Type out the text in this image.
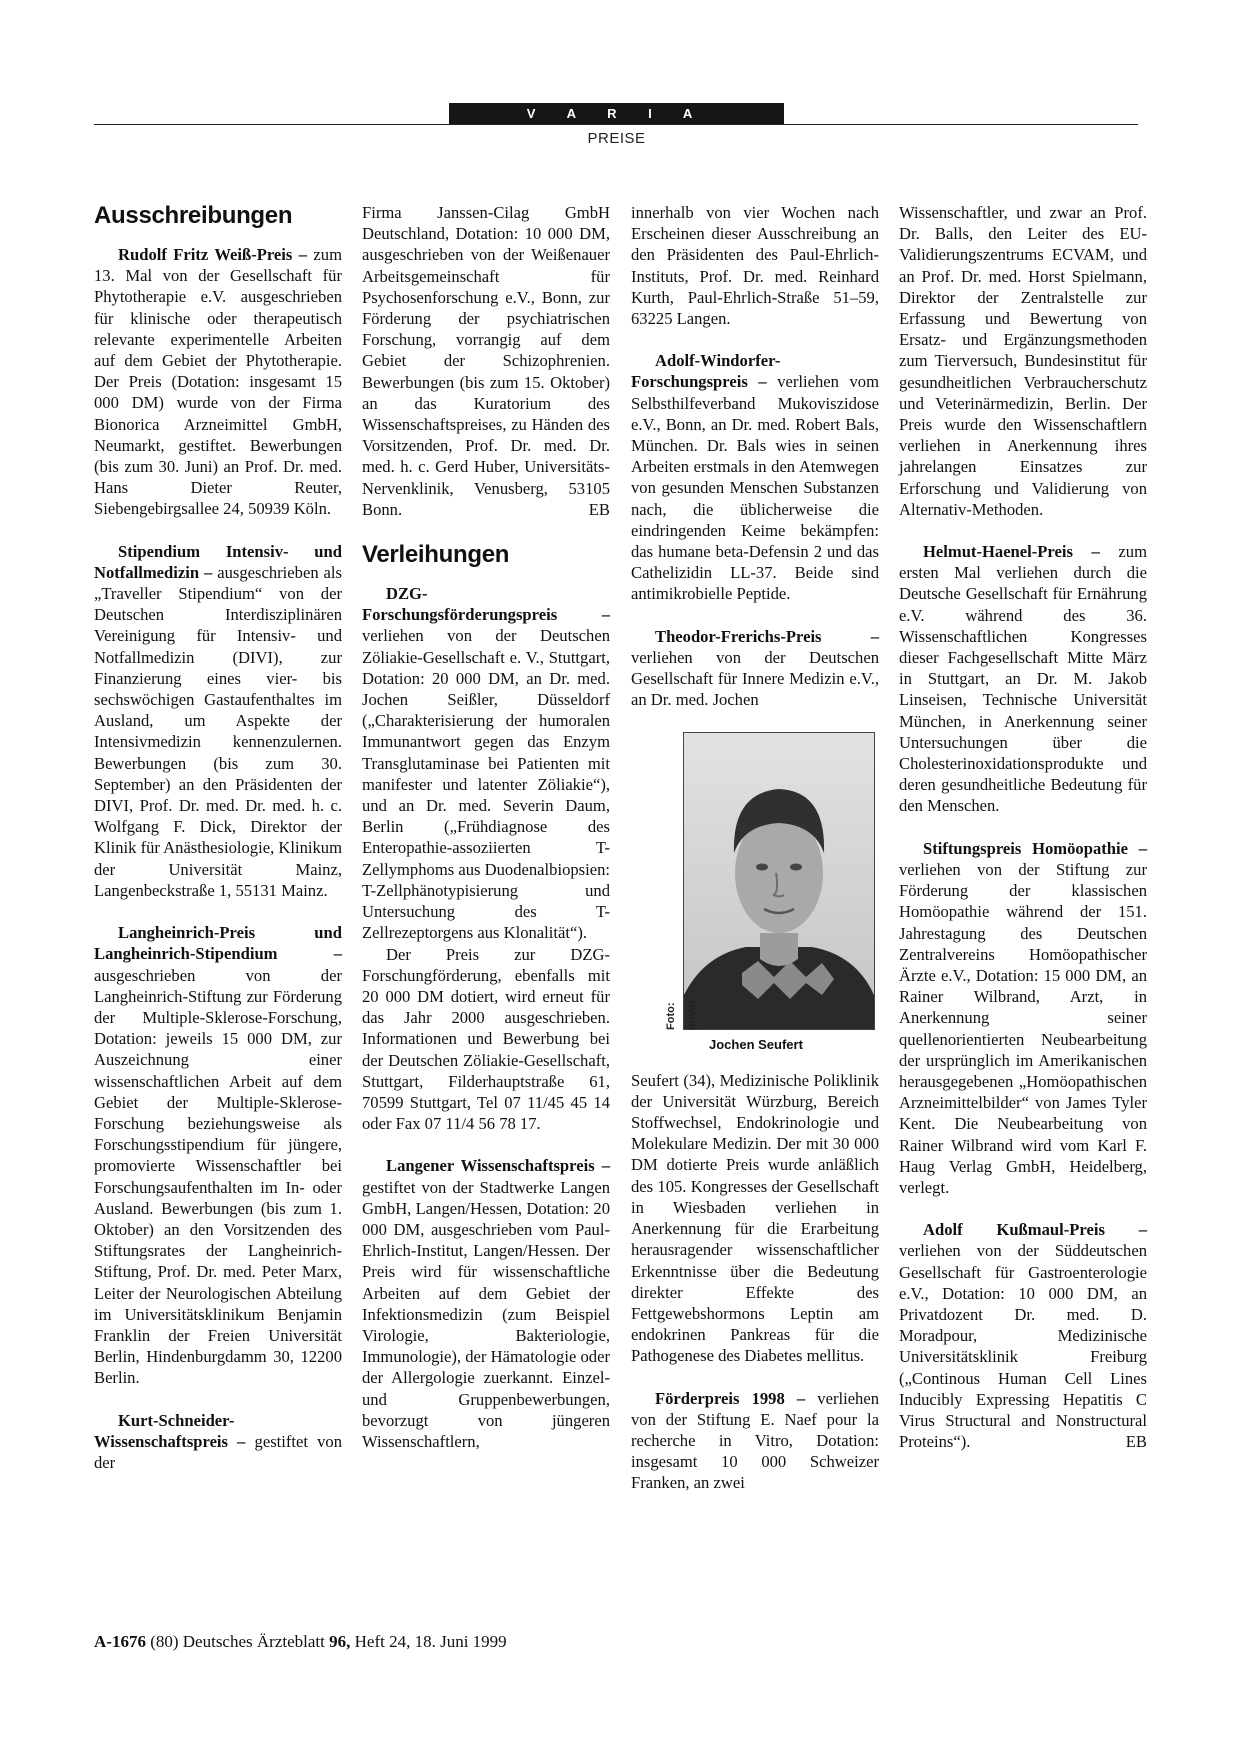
V A R I A
PREISE
Ausschreibungen

Rudolf Fritz Weiß-Preis – zum 13. Mal von der Gesellschaft für Phytotherapie e.V. ausgeschrieben für klinische oder therapeutisch relevante experimentelle Arbeiten auf dem Gebiet der Phytotherapie. Der Preis (Dotation: insgesamt 15 000 DM) wurde von der Firma Bionorica Arzneimittel GmbH, Neumarkt, gestiftet. Bewerbungen (bis zum 30. Juni) an Prof. Dr. med. Hans Dieter Reuter, Siebengebirgsallee 24, 50939 Köln.

Stipendium Intensiv- und Notfallmedizin – ausgeschrieben als „Traveller Stipendium“ von der Deutschen Interdisziplinären Vereinigung für Intensiv- und Notfallmedizin (DIVI), zur Finanzierung eines vier- bis sechswöchigen Gastaufenthaltes im Ausland, um Aspekte der Intensivmedizin kennenzulernen. Bewerbungen (bis zum 30. September) an den Präsidenten der DIVI, Prof. Dr. med. Dr. med. h. c. Wolfgang F. Dick, Direktor der Klinik für Anästhesiologie, Klinikum der Universität Mainz, Langenbeckstraße 1, 55131 Mainz.

Langheinrich-Preis und Langheinrich-Stipendium – ausgeschrieben von der Langheinrich-Stiftung zur Förderung der Multiple-Sklerose-Forschung, Dotation: jeweils 15 000 DM, zur Auszeichnung einer wissenschaftlichen Arbeit auf dem Gebiet der Multiple-Sklerose-Forschung beziehungsweise als Forschungsstipendium für jüngere, promovierte Wissenschaftler bei Forschungsaufenthalten im In- oder Ausland. Bewerbungen (bis zum 1. Oktober) an den Vorsitzenden des Stiftungsrates der Langheinrich-Stiftung, Prof. Dr. med. Peter Marx, Leiter der Neurologischen Abteilung im Universitätsklinikum Benjamin Franklin der Freien Universität Berlin, Hindenburgdamm 30, 12200 Berlin.

Kurt-Schneider-Wissenschaftspreis – gestiftet von der

Firma Janssen-Cilag GmbH Deutschland, Dotation: 10 000 DM, ausgeschrieben von der Weißenauer Arbeitsgemeinschaft für Psychosenforschung e.V., Bonn, zur Förderung der psychiatrischen Forschung, vorrangig auf dem Gebiet der Schizophrenien. Bewerbungen (bis zum 15. Oktober) an das Kuratorium des Wissenschaftspreises, zu Händen des Vorsitzenden, Prof. Dr. med. Dr. med. h. c. Gerd Huber, Universitäts-Nervenklinik, Venusberg, 53105 Bonn.	EB

Verleihungen

DZG-Forschungsförderungspreis – verliehen von der Deutschen Zöliakie-Gesellschaft e. V., Stuttgart, Dotation: 20 000 DM, an Dr. med. Jochen Seißler, Düsseldorf („Charakterisierung der humoralen Immunantwort gegen das Enzym Transglutaminase bei Patienten mit manifester und latenter Zöliakie“), und an Dr. med. Severin Daum, Berlin („Frühdiagnose des Enteropathie-assoziierten T-Zellymphoms aus Duodenalbiopsien: T-Zellphänotypisierung und Untersuchung des T-Zellrezeptorgens aus Klonalität“).

Der Preis zur DZG-Forschungförderung, ebenfalls mit 20 000 DM dotiert, wird erneut für das Jahr 2000 ausgeschrieben. Informationen und Bewerbung bei der Deutschen Zöliakie-Gesellschaft, Stuttgart, Filderhauptstraße 61, 70599 Stuttgart, Tel 07 11/45 45 14 oder Fax 07 11/4 56 78 17.

Langener Wissenschaftspreis – gestiftet von der Stadtwerke Langen GmbH, Langen/Hessen, Dotation: 20 000 DM, ausgeschrieben vom Paul-Ehrlich-Institut, Langen/Hessen. Der Preis wird für wissenschaftliche Arbeiten auf dem Gebiet der Infektionsmedizin (zum Beispiel Virologie, Bakteriologie, Immunologie), der Hämatologie oder der Allergologie zuerkannt. Einzel- und Gruppenbewerbungen, bevorzugt von jüngeren Wissenschaftlern,

innerhalb von vier Wochen nach Erscheinen dieser Ausschreibung an den Präsidenten des Paul-Ehrlich-Instituts, Prof. Dr. med. Reinhard Kurth, Paul-Ehrlich-Straße 51–59, 63225 Langen.

Adolf-Windorfer-Forschungspreis – verliehen vom Selbsthilfeverband Mukoviszidose e.V., Bonn, an Dr. med. Robert Bals, München. Dr. Bals wies in seinen Arbeiten erstmals in den Atemwegen von gesunden Menschen Substanzen nach, die üblicherweise die eindringenden Keime bekämpfen: das humane beta-Defensin 2 und das Cathelizidin LL-37. Beide sind antimikrobielle Peptide.

Theodor-Frerichs-Preis – verliehen von der Deutschen Gesellschaft für Innere Medizin e.V., an Dr. med. Jochen

Foto: privat
Jochen Seufert

Seufert (34), Medizinische Poliklinik der Universität Würzburg, Bereich Stoffwechsel, Endokrinologie und Molekulare Medizin. Der mit 30 000 DM dotierte Preis wurde anläßlich des 105. Kongresses der Gesellschaft in Wiesbaden verliehen in Anerkennung für die Erarbeitung herausragender wissenschaftlicher Erkenntnisse über die Bedeutung direkter Effekte des Fettgewebshormons Leptin am endokrinen Pankreas für die Pathogenese des Diabetes mellitus.

Förderpreis 1998 – verliehen von der Stiftung E. Naef pour la recherche in Vitro, Dotation: insgesamt 10 000 Schweizer Franken, an zwei

Wissenschaftler, und zwar an Prof. Dr. Balls, den Leiter des EU-Validierungszentrums ECVAM, und an Prof. Dr. med. Horst Spielmann, Direktor der Zentralstelle zur Erfassung und Bewertung von Ersatz- und Ergänzungsmethoden zum Tierversuch, Bundesinstitut für gesundheitlichen Verbraucherschutz und Veterinärmedizin, Berlin. Der Preis wurde den Wissenschaftlern verliehen in Anerkennung ihres jahrelangen Einsatzes zur Erforschung und Validierung von Alternativ-Methoden.

Helmut-Haenel-Preis – zum ersten Mal verliehen durch die Deutsche Gesellschaft für Ernährung e.V. während des 36. Wissenschaftlichen Kongresses dieser Fachgesellschaft Mitte März in Stuttgart, an Dr. M. Jakob Linseisen, Technische Universität München, in Anerkennung seiner Untersuchungen über die Cholesterinoxidationsprodukte und deren gesundheitliche Bedeutung für den Menschen.

Stiftungspreis Homöopathie – verliehen von der Stiftung zur Förderung der klassischen Homöopathie während der 151. Jahrestagung des Deutschen Zentralvereins Homöopathischer Ärzte e.V., Dotation: 15 000 DM, an Rainer Wilbrand, Arzt, in Anerkennung seiner quellenorientierten Neubearbeitung der ursprünglich im Amerikanischen herausgegebenen „Homöopathischen Arzneimittelbilder“ von James Tyler Kent. Die Neubearbeitung von Rainer Wilbrand wird vom Karl F. Haug Verlag GmbH, Heidelberg, verlegt.

Adolf Kußmaul-Preis – verliehen von der Süddeutschen Gesellschaft für Gastroenterologie e.V., Dotation: 10 000 DM, an Privatdozent Dr. med. D. Moradpour, Medizinische Universitätsklinik Freiburg („Continous Human Cell Lines Inducibly Expressing Hepatitis C Virus Structural and Nonstructural Proteins“).	EB

A-1676 (80) Deutsches Ärzteblatt 96, Heft 24, 18. Juni 1999
